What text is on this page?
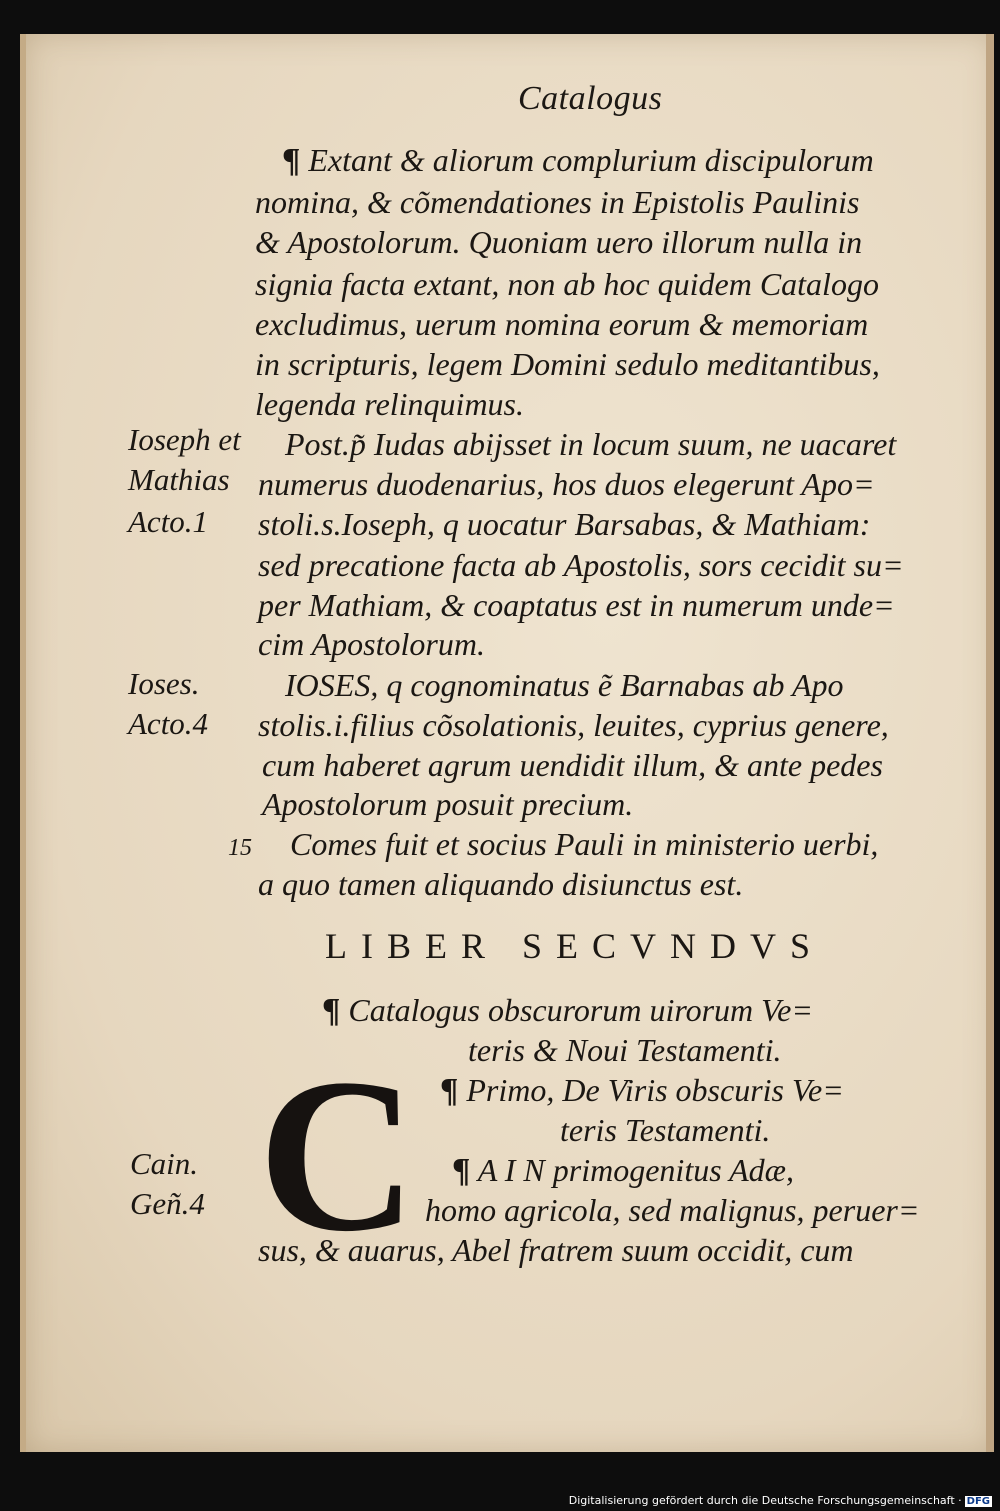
Catalogus
¶ Extant & aliorum complurium discipulorum
nomina, & cõmendationes in Epistolis Paulinis
& Apostolorum. Quoniam uero illorum nulla in
signia facta extant, non ab hoc quidem Catalogo
excludimus, uerum nomina eorum & memoriam
in scripturis, legem Domini sedulo meditantibus,
legenda relinquimus.
Ioseph et
Mathias
Acto.1
Post.p̃ Iudas abijsset in locum suum, ne uacaret
numerus duodenarius, hos duos elegerunt Apo=
stoli.s.Ioseph, q uocatur Barsabas, & Mathiam:
sed precatione facta ab Apostolis, sors cecidit su=
per Mathiam, & coaptatus est in numerum unde=
cim Apostolorum.
Ioses.
Acto.4
IOSES, q cognominatus ẽ Barnabas ab Apo
stolis.i.filius cõsolationis, leuites, cyprius genere,
cum haberet agrum uendidit illum, & ante pedes
Apostolorum posuit precium.
15 Comes fuit et socius Pauli in ministerio uerbi,
a quo tamen aliquando disiunctus est.
LIBER SECVNDVS
¶ Catalogus obscurorum uirorum Ve=
teris & Noui Testamenti.
¶ Primo, De Viris obscuris Ve=
teris Testamenti.
C
Cain.
Geñ.4
¶ A I N primogenitus Adæ,
homo agricola, sed malignus, peruer=
sus, & auarus, Abel fratrem suum occidit, cum
Digitalisierung gefördert durch die Deutsche Forschungsgemeinschaft · DFG
